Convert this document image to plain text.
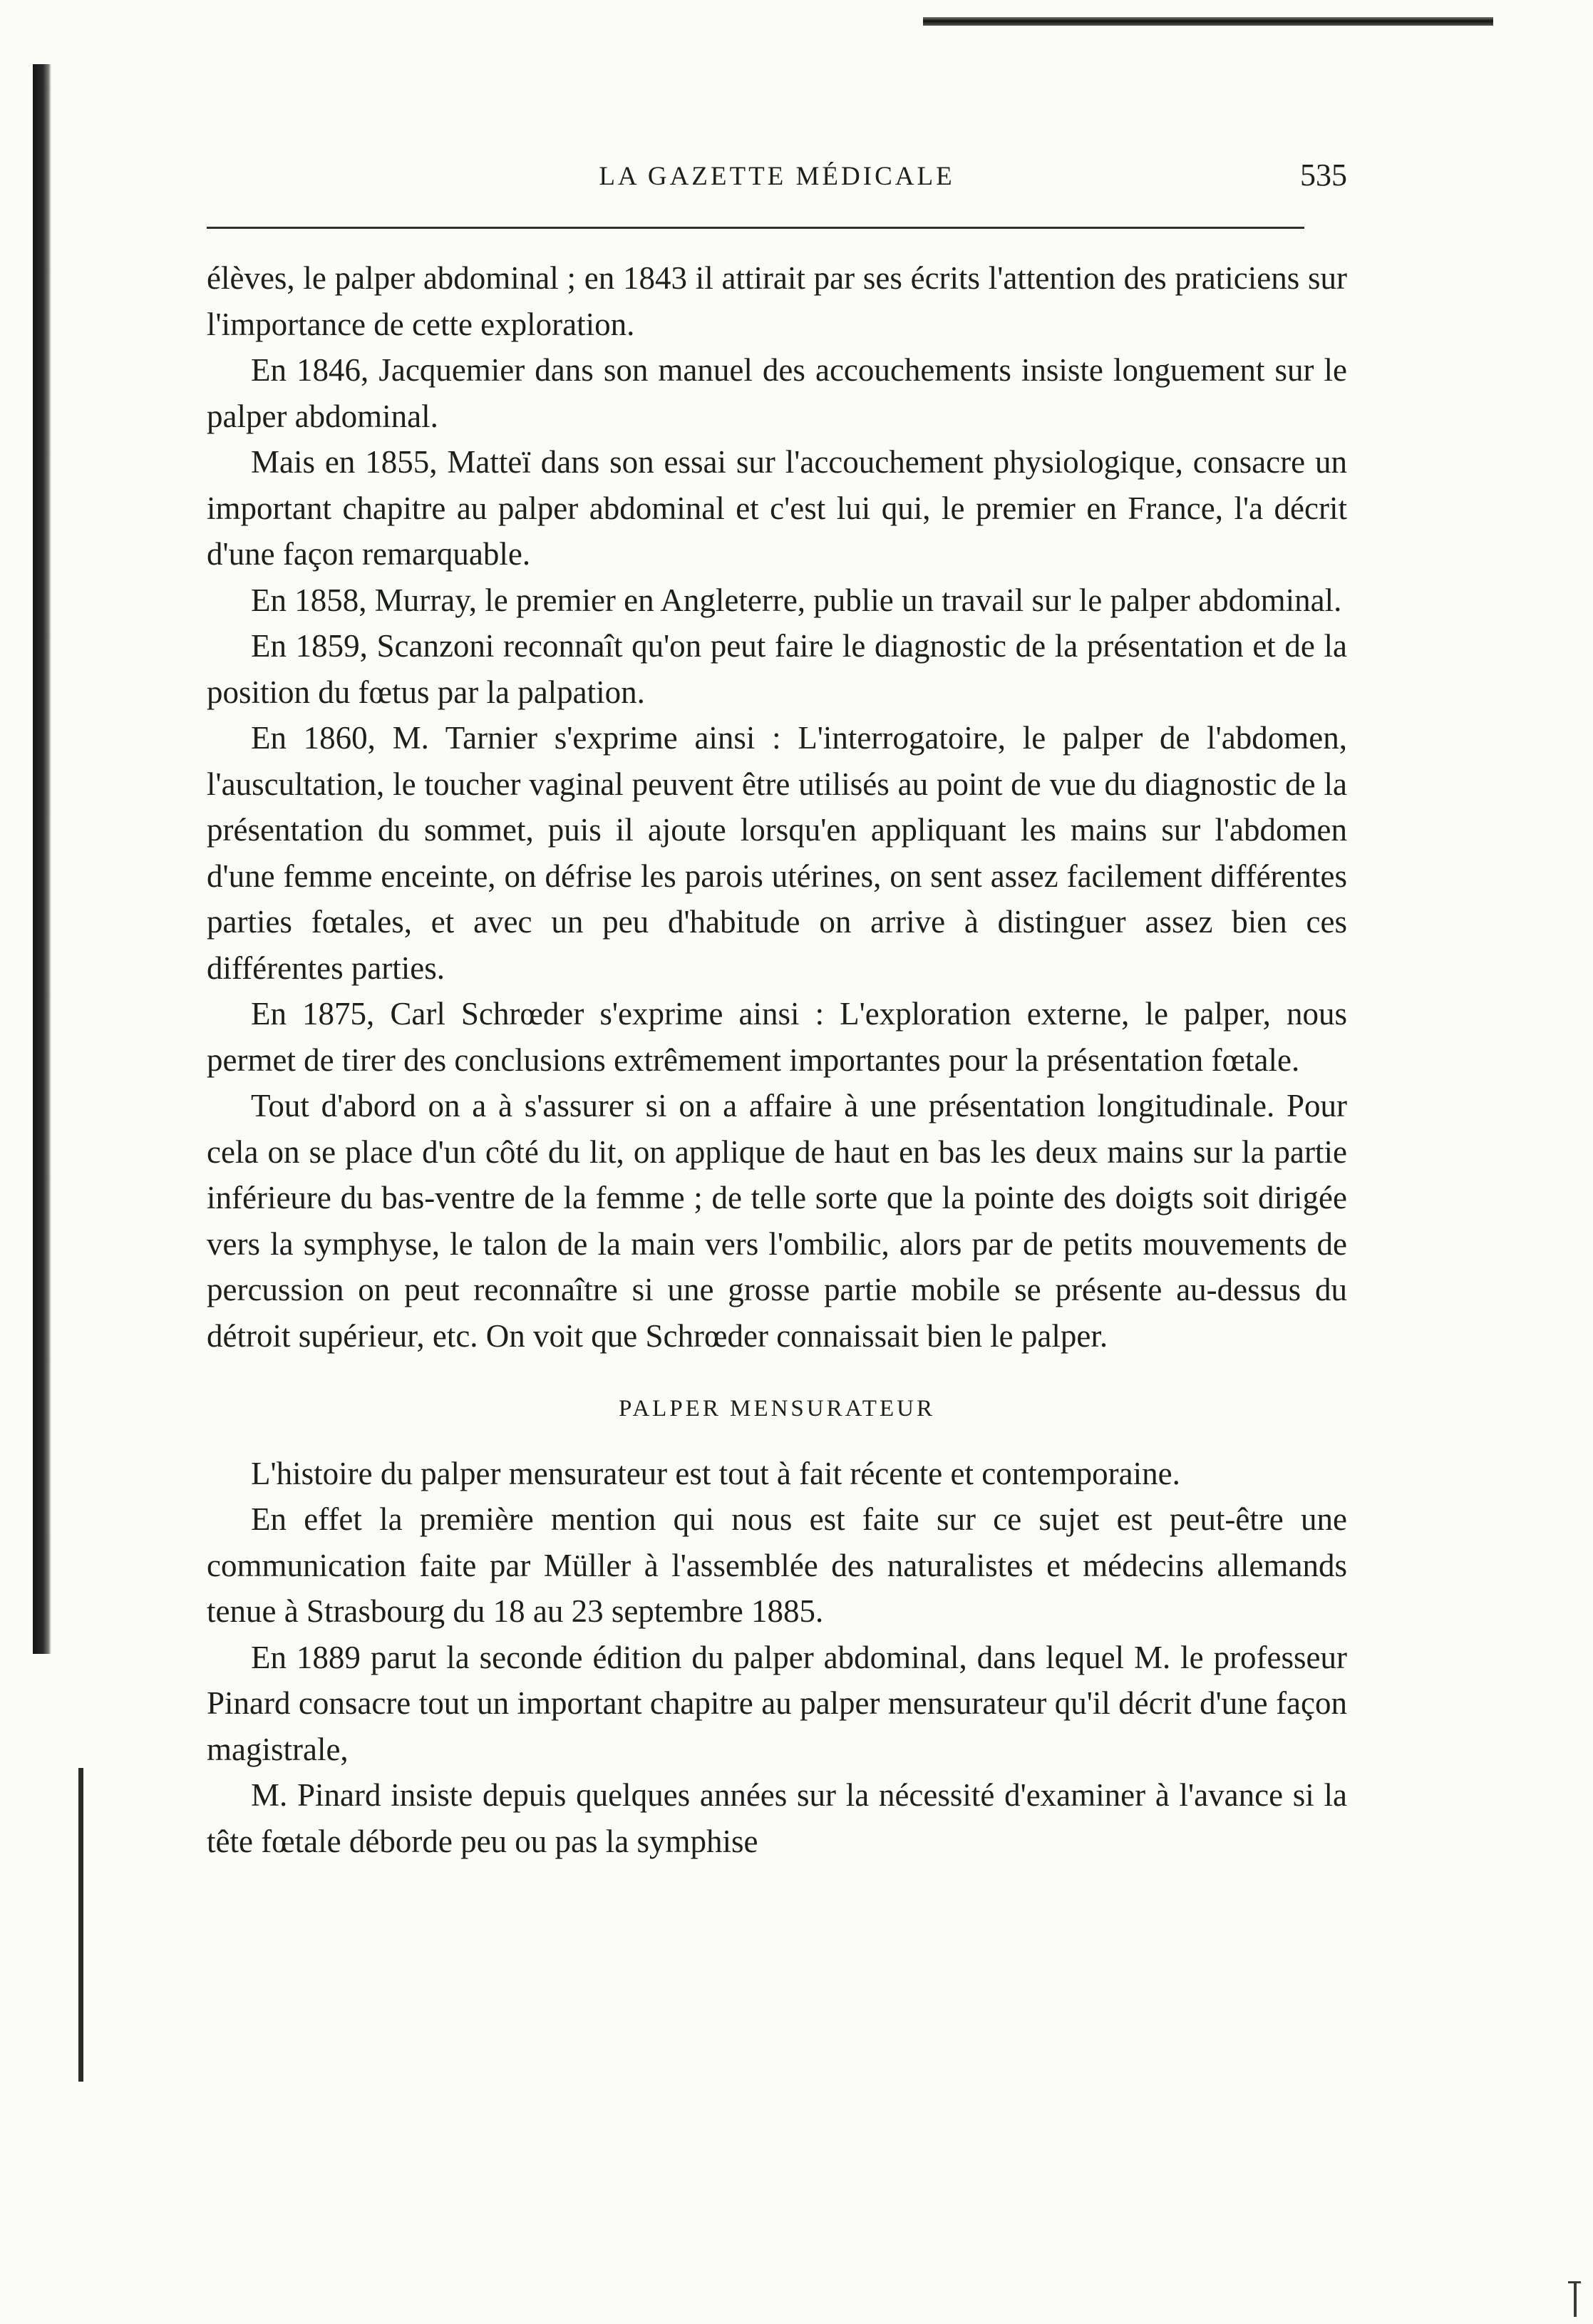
LA GAZETTE MÉDICALE	535

élèves, le palper abdominal ; en 1843 il attirait par ses écrits l'attention des praticiens sur l'importance de cette exploration.

En 1846, Jacquemier dans son manuel des accouchements insiste longuement sur le palper abdominal.

Mais en 1855, Matteï dans son essai sur l'accouchement physiologique, consacre un important chapitre au palper abdominal et c'est lui qui, le premier en France, l'a décrit d'une façon remarquable.

En 1858, Murray, le premier en Angleterre, publie un travail sur le palper abdominal.

En 1859, Scanzoni reconnaît qu'on peut faire le diagnostic de la présentation et de la position du fœtus par la palpation.

En 1860, M. Tarnier s'exprime ainsi : L'interrogatoire, le palper de l'abdomen, l'auscultation, le toucher vaginal peuvent être utilisés au point de vue du diagnostic de la présentation du sommet, puis il ajoute lorsqu'en appliquant les mains sur l'abdomen d'une femme enceinte, on défrise les parois utérines, on sent assez facilement différentes parties fœtales, et avec un peu d'habitude on arrive à distinguer assez bien ces différentes parties.

En 1875, Carl Schrœder s'exprime ainsi : L'exploration externe, le palper, nous permet de tirer des conclusions extrêmement importantes pour la présentation fœtale.

Tout d'abord on a à s'assurer si on a affaire à une présentation longitudinale. Pour cela on se place d'un côté du lit, on applique de haut en bas les deux mains sur la partie inférieure du bas-ventre de la femme ; de telle sorte que la pointe des doigts soit dirigée vers la symphyse, le talon de la main vers l'ombilic, alors par de petits mouvements de percussion on peut reconnaître si une grosse partie mobile se présente au-dessus du détroit supérieur, etc. On voit que Schrœder connaissait bien le palper.

PALPER MENSURATEUR

L'histoire du palper mensurateur est tout à fait récente et contemporaine.

En effet la première mention qui nous est faite sur ce sujet est peut-être une communication faite par Müller à l'assemblée des naturalistes et médecins allemands tenue à Strasbourg du 18 au 23 septembre 1885.

En 1889 parut la seconde édition du palper abdominal, dans lequel M. le professeur Pinard consacre tout un important chapitre au palper mensurateur qu'il décrit d'une façon magistrale,

M. Pinard insiste depuis quelques années sur la nécessité d'examiner à l'avance si la tête fœtale déborde peu ou pas la symphise
